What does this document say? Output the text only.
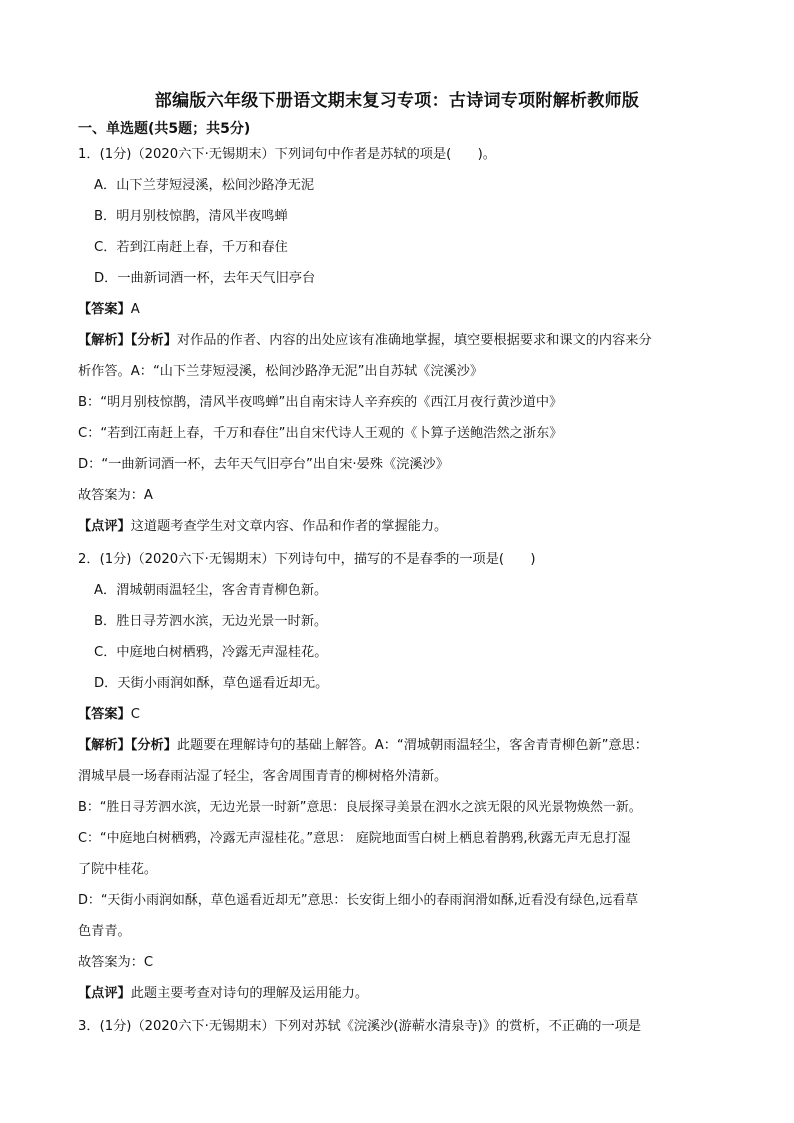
部编版六年级下册语文期末复习专项：古诗词专项附解析教师版
一、单选题(共5题；共5分)
1．(1分)（2020六下·无锡期末）下列词句中作者是苏轼的项是(　　)。
A．山下兰芽短浸溪，松间沙路净无泥
B．明月别枝惊鹊，清风半夜鸣蝉
C．若到江南赶上春，千万和春住
D．一曲新词酒一杯，去年天气旧亭台
【答案】A
【解析】【分析】对作品的作者、内容的出处应该有准确地掌握，填空要根据要求和课文的内容来分
析作答。A：“山下兰芽短浸溪，松间沙路净无泥”出自苏轼《浣溪沙》
B：“明月别枝惊鹊，清风半夜鸣蝉”出自南宋诗人辛弃疾的《西江月夜行黄沙道中》
C：“若到江南赶上春，千万和春住”出自宋代诗人王观的《卜算子送鲍浩然之浙东》
D：“一曲新词酒一杯，去年天气旧亭台”出自宋·晏殊《浣溪沙》
故答案为：A
【点评】这道题考查学生对文章内容、作品和作者的掌握能力。
2．(1分)（2020六下·无锡期末）下列诗句中，描写的不是春季的一项是(　　)
A．渭城朝雨温轻尘，客舍青青柳色新。
B．胜日寻芳泗水滨，无边光景一时新。
C．中庭地白树栖鸦，冷露无声湿桂花。
D．天街小雨润如酥，草色遥看近却无。
【答案】C
【解析】【分析】此题要在理解诗句的基础上解答。A：“渭城朝雨温轻尘，客舍青青柳色新”意思：
渭城早晨一场春雨沾湿了轻尘，客舍周围青青的柳树格外清新。
B：“胜日寻芳泗水滨，无边光景一时新”意思：良辰探寻美景在泗水之滨无限的风光景物焕然一新。
C：“中庭地白树栖鸦，冷露无声湿桂花。”意思： 庭院地面雪白树上栖息着鹊鸦,秋露无声无息打湿
了院中桂花。
D：“天街小雨润如酥，草色遥看近却无”意思：长安街上细小的春雨润滑如酥,近看没有绿色,远看草
色青青。
故答案为：C
【点评】此题主要考查对诗句的理解及运用能力。
3．(1分)（2020六下·无锡期末）下列对苏轼《浣溪沙(游蕲水清泉寺)》的赏析，不正确的一项是
